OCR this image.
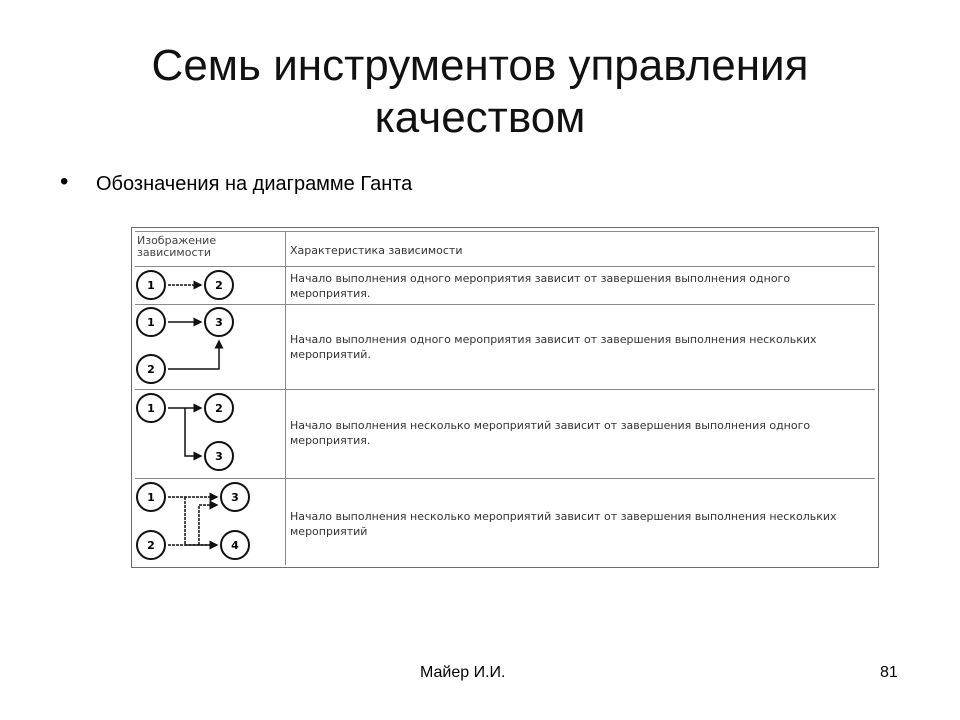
Семь инструментов управления
качеством
• Обозначения на диаграмме Ганта
Изображение
зависимости	Характеристика зависимости
1	2
Начало выполнения одного мероприятия зависит от завершения выполнения одного
мероприятия.
1	3
2
Начало выполнения одного мероприятия зависит от завершения выполнения нескольких
мероприятий.
1	2
3
Начало выполнения несколько мероприятий зависит от завершения выполнения одного
мероприятия.
1	3
2	4
Начало выполнения несколько мероприятий зависит от завершения выполнения нескольких
мероприятий
Майер И.И.	81
